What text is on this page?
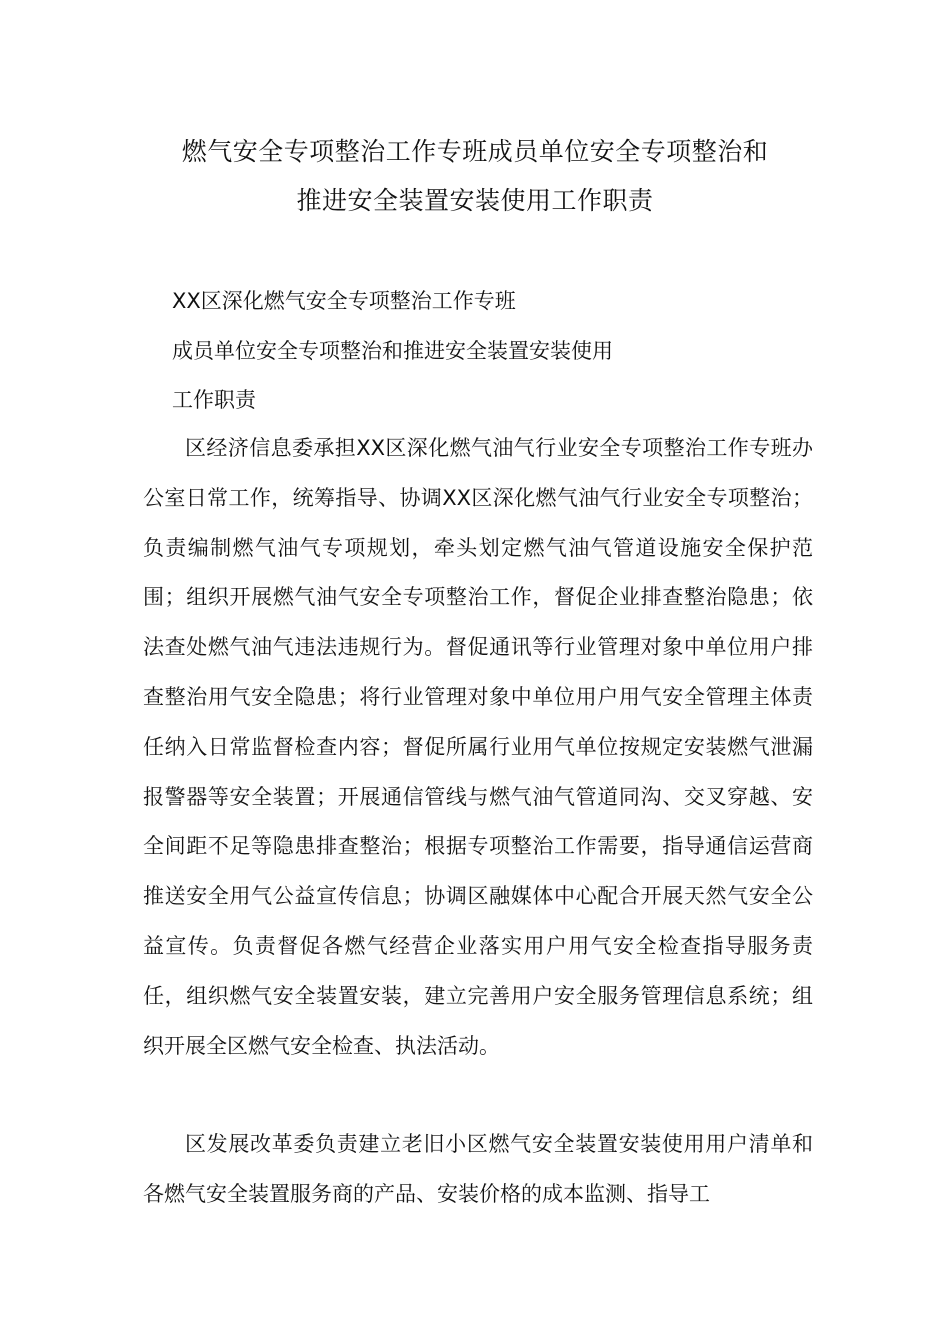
燃气安全专项整治工作专班成员单位安全专项整治和
推进安全装置安装使用工作职责
XX区深化燃气安全专项整治工作专班
成员单位安全专项整治和推进安全装置安装使用
工作职责

区经济信息委承担XX区深化燃气油气行业安全专项整治工作专班办公室日常工作，统筹指导、协调XX区深化燃气油气行业安全专项整治；负责编制燃气油气专项规划，牵头划定燃气油气管道设施安全保护范围；组织开展燃气油气安全专项整治工作，督促企业排查整治隐患；依法查处燃气油气违法违规行为。督促通讯等行业管理对象中单位用户排查整治用气安全隐患；将行业管理对象中单位用户用气安全管理主体责任纳入日常监督检查内容；督促所属行业用气单位按规定安装燃气泄漏报警器等安全装置；开展通信管线与燃气油气管道同沟、交叉穿越、安全间距不足等隐患排查整治；根据专项整治工作需要，指导通信运营商推送安全用气公益宣传信息；协调区融媒体中心配合开展天然气安全公益宣传。负责督促各燃气经营企业落实用户用气安全检查指导服务责任，组织燃气安全装置安装，建立完善用户安全服务管理信息系统；组织开展全区燃气安全检查、执法活动。

区发展改革委负责建立老旧小区燃气安全装置安装使用用户清单和各燃气安全装置服务商的产品、安装价格的成本监测、指导工
